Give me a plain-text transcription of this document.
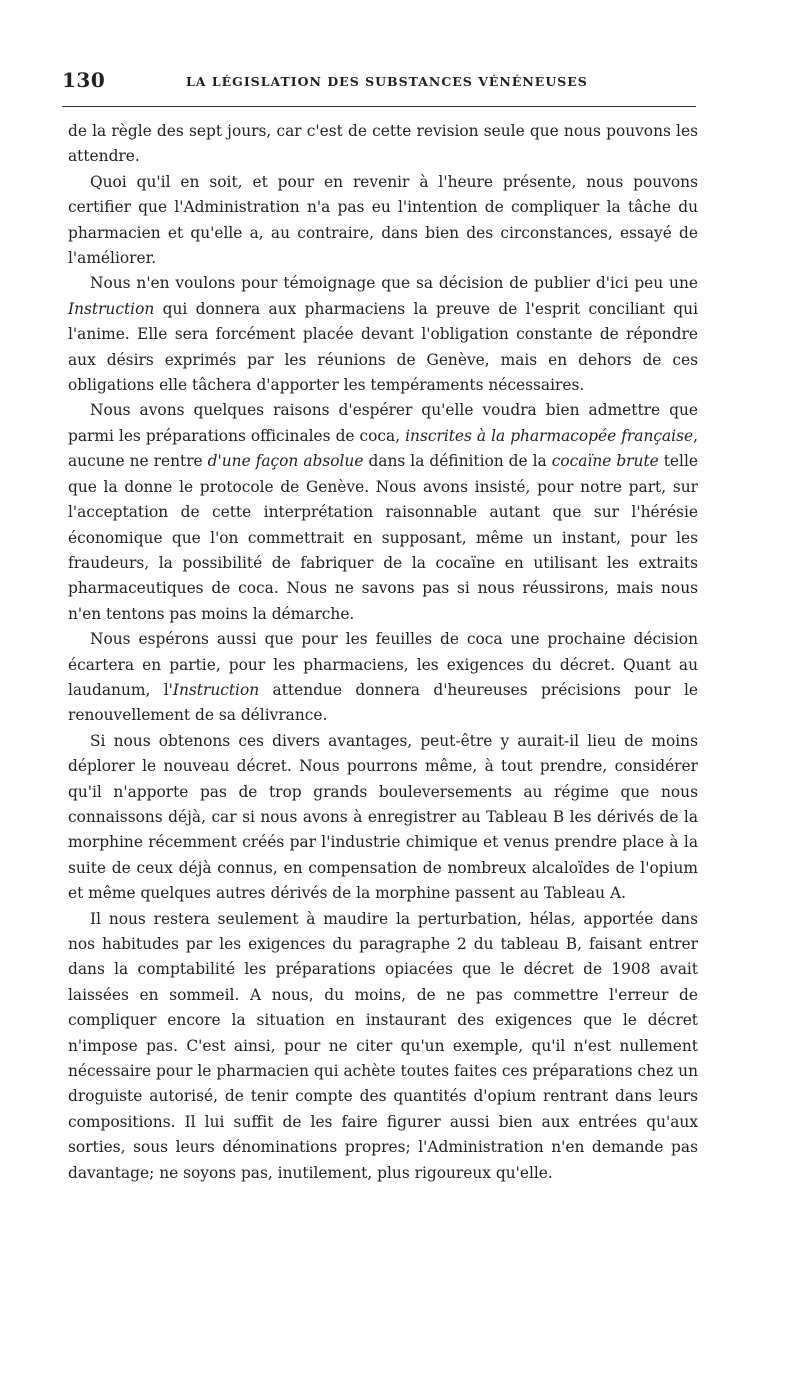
130	LA LÉGISLATION DES SUBSTANCES VÉNÉNEUSES

de la règle des sept jours, car c'est de cette revision seule que nous pouvons les attendre.

Quoi qu'il en soit, et pour en revenir à l'heure présente, nous pouvons certifier que l'Administration n'a pas eu l'intention de compliquer la tâche du pharmacien et qu'elle a, au contraire, dans bien des circonstances, essayé de l'améliorer.

Nous n'en voulons pour témoignage que sa décision de publier d'ici peu une Instruction qui donnera aux pharmaciens la preuve de l'esprit conciliant qui l'anime. Elle sera forcément placée devant l'obligation constante de répondre aux désirs exprimés par les réunions de Genève, mais en dehors de ces obligations elle tâchera d'apporter les tempéraments nécessaires.

Nous avons quelques raisons d'espérer qu'elle voudra bien admettre que parmi les préparations officinales de coca, inscrites à la pharmacopée française, aucune ne rentre d'une façon absolue dans la définition de la cocaïne brute telle que la donne le protocole de Genève. Nous avons insisté, pour notre part, sur l'acceptation de cette interprétation raisonnable autant que sur l'hérésie économique que l'on commettrait en supposant, même un instant, pour les fraudeurs, la possibilité de fabriquer de la cocaïne en utilisant les extraits pharmaceutiques de coca. Nous ne savons pas si nous réussirons, mais nous n'en tentons pas moins la démarche.

Nous espérons aussi que pour les feuilles de coca une prochaine décision écartera en partie, pour les pharmaciens, les exigences du décret. Quant au laudanum, l'Instruction attendue donnera d'heureuses précisions pour le renouvellement de sa délivrance.

Si nous obtenons ces divers avantages, peut-être y aurait-il lieu de moins déplorer le nouveau décret. Nous pourrons même, à tout prendre, considérer qu'il n'apporte pas de trop grands bouleversements au régime que nous connaissons déjà, car si nous avons à enregistrer au Tableau B les dérivés de la morphine récemment créés par l'industrie chimique et venus prendre place à la suite de ceux déjà connus, en compensation de nombreux alcaloïdes de l'opium et même quelques autres dérivés de la morphine passent au Tableau A.

Il nous restera seulement à maudire la perturbation, hélas, apportée dans nos habitudes par les exigences du paragraphe 2 du tableau B, faisant entrer dans la comptabilité les préparations opiacées que le décret de 1908 avait laissées en sommeil. A nous, du moins, de ne pas commettre l'erreur de compliquer encore la situation en instaurant des exigences que le décret n'impose pas. C'est ainsi, pour ne citer qu'un exemple, qu'il n'est nullement nécessaire pour le pharmacien qui achète toutes faites ces préparations chez un droguiste autorisé, de tenir compte des quantités d'opium rentrant dans leurs compositions. Il lui suffit de les faire figurer aussi bien aux entrées qu'aux sorties, sous leurs dénominations propres; l'Administration n'en demande pas davantage; ne soyons pas, inutilement, plus rigoureux qu'elle.
